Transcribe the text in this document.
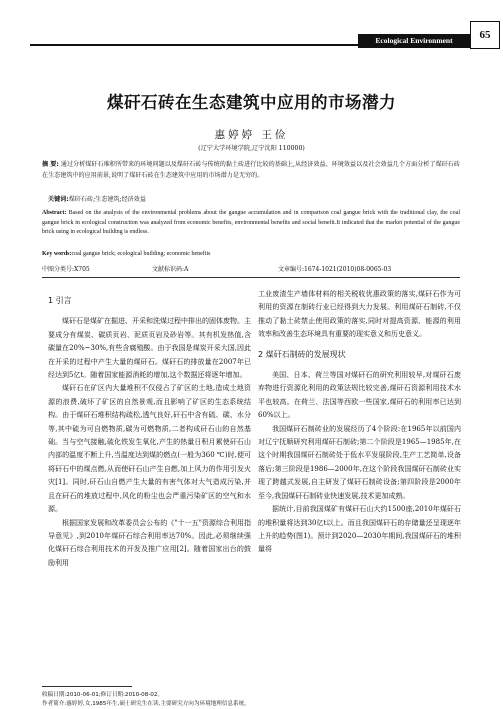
Ecological Environment	65
煤矸石砖在生态建筑中应用的市场潜力
惠婷婷 王俭
(辽宁大学环境学院,辽宁沈阳 110000)
摘 要: 通过分析煤矸石堆积所带来的环境问题以及煤矸石砖与传统的黏土砖进行比较的基础上,从经济效益、环境效益以及社会效益几个方面分析了煤矸石砖在生态建筑中的应用前景,说明了煤矸石砖在生态建筑中应用的市场潜力是无穷的。
关键词:煤矸石砖;生态建筑;经济效益
Abstract: Based on the analysis of the environmental problems about the gangue accumulation and in comparison coal gangue brick with the traditional clay, the coal gangue brick in ecological construction was analyzed from economic benefits, environmental benefits and social benefit.It indicated that the market potential of the gangue brick using in ecological building is endless.
Key words:coal gangue brick; ecological building; economic benefits
中图分类号:X705	文献标识码:A	文章编号:1674-1021(2010)08-0065-03
1 引言

煤矸石是煤矿在掘进、开采和洗煤过程中排出的固体废物。主要成分有煤炭、碳质页岩、泥质页岩及砂岩等。其有机发热值,含碳量在20%~30%,有些含腐殖酸。由于我国是煤炭开采大国,因此在开采的过程中产生大量的煤矸石。煤矸石的排放量在2007年已经达到5亿t。随着国家能源消耗的增加,这个数据还将逐年增加。

煤矸石在矿区内大量堆积不仅侵占了矿区的土地,造成土地资源的浪费,破坏了矿区的自然景观,而且影响了矿区的生态系统结构。由于煤矸石堆积结构疏松,透气良好,矸石中含有硫、碳、水分等,其中硫为可自燃物质,碳为可燃物质,二者构成矸石山的自然基础。当与空气接触,硫化铁发生氧化,产生的热量日积月累使矸石山内部的温度不断上升,当温度达到煤的燃点(一般为360 ℃)时,便可将矸石中的煤点燃,从而使矸石山产生自燃,加上风力的作用引发火灾[1]。同时,矸石山自燃产生大量的有害气体对大气造成污染,并且在矸石的堆放过程中,风化的粉尘也会严重污染矿区的空气和水源。

根据国家发展和改革委员会公布的《"十一五"资源综合利用指导意见》,到2010年煤矸石综合利用率达70%。因此,必须继续强化煤矸石综合利用技术的开发及推广应用[2]。随着国家出台的鼓励利用

工业废渣生产墙体材料的相关税收优惠政策的落实,煤矸石作为可利用的资源在制砖行业已经得到大力发展。利用煤矸石制砖,不仅推动了黏土砖禁止使用政策的落实,同时对提高资源、能源的利用效率和改善生态环境具有重要的现实意义和历史意义。

2 煤矸石制砖的发展现状

美国、日本、荷兰等国对煤矸石的研究利用较早,对煤矸石废弃物进行资源化利用的政策法规比较完善,煤矸石资源利用技术水平也较高。在荷兰、法国等西欧一些国家,煤矸石的利用率已达到60%以上。

我国煤矸石制砖业的发展经历了4个阶段:在1965年以前国内对辽宁抚顺研究利用煤矸石制砖;第二个阶段是1965—1985年,在这个时期我国煤矸石制砖处于低水平发展阶段,生产工艺简单,设备落后;第三阶段是1986—2000年,在这个阶段我国煤矸石制砖业实现了跨越式发展,自主研发了煤矸石制砖设备;第四阶段是2000年至今,我国煤矸石制砖业快速发展,技术更加成熟。

据统计,目前我国煤矿有煤矸石山大约1500座,2010年煤矸石的堆积量将达到30亿t以上。而且我国煤矸石的存储量还呈现逐年上升的趋势(图1)。预计到2020—2030年期间,我国煤矸石的堆积量将

收稿日期:2010-06-01;修订日期:2010-08-02。
作者简介:惠婷婷,女,1985年生,硕士研究生在读,主要研究方向为环境地理信息系统。
